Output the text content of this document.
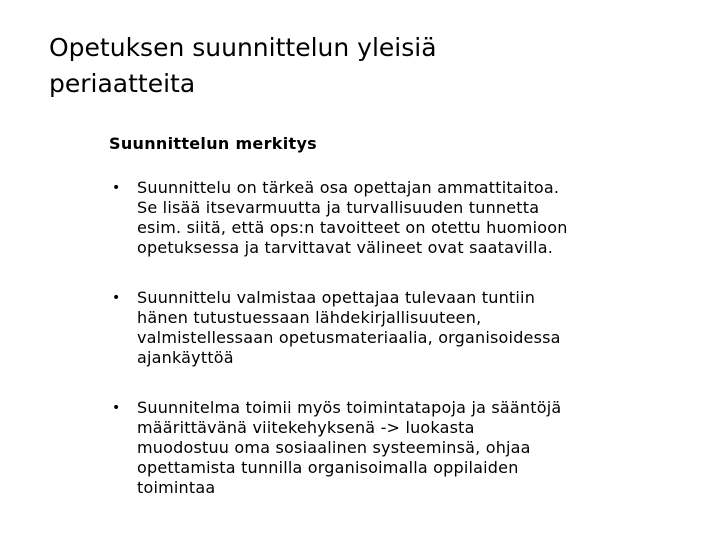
Opetuksen suunnittelun yleisiä
periaatteita
Suunnittelun merkitys
• Suunnittelu on tärkeä osa opettajan ammattitaitoa.
Se lisää itsevarmuutta ja turvallisuuden tunnetta
esim. siitä, että ops:n tavoitteet on otettu huomioon
opetuksessa ja tarvittavat välineet ovat saatavilla.
• Suunnittelu valmistaa opettajaa tulevaan tuntiin
hänen tutustuessaan lähdekirjallisuuteen,
valmistellessaan opetusmateriaalia, organisoidessa
ajankäyttöä
• Suunnitelma toimii myös toimintatapoja ja sääntöjä
määrittävänä viitekehyksenä -> luokasta
muodostuu oma sosiaalinen systeeminsä, ohjaa
opettamista tunnilla organisoimalla oppilaiden
toimintaa
